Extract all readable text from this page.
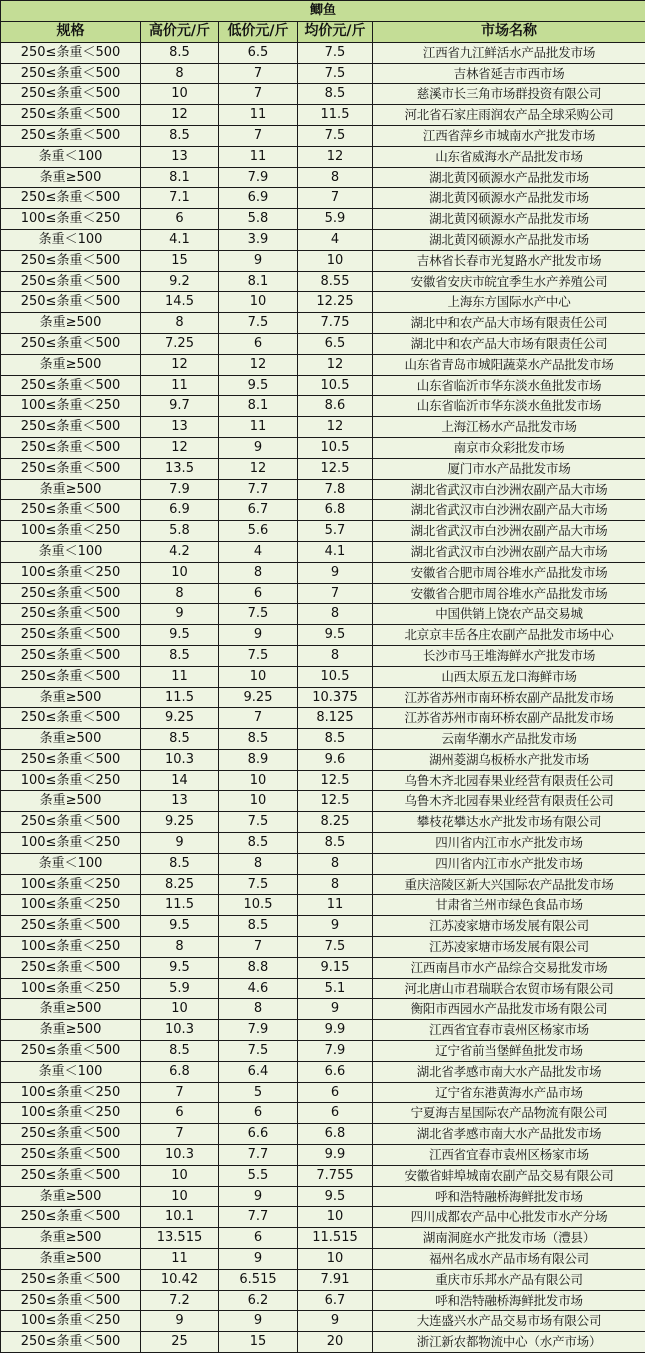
鲫鱼				
规格	高价元/斤	低价元/斤	均价元/斤	市场名称
250≤条重＜500	8.5	6.5	7.5	江西省九江鲜活水产品批发市场
250≤条重＜500	8	7	7.5	吉林省延吉市西市场
250≤条重＜500	10	7	8.5	慈溪市长三角市场群投资有限公司
250≤条重＜500	12	11	11.5	河北省石家庄雨润农产品全球采购公司
250≤条重＜500	8.5	7	7.5	江西省萍乡市城南水产批发市场
条重＜100	13	11	12	山东省威海水产品批发市场
条重≥500	8.1	7.9	8	湖北黄冈硕源水产品批发市场
250≤条重＜500	7.1	6.9	7	湖北黄冈硕源水产品批发市场
100≤条重＜250	6	5.8	5.9	湖北黄冈硕源水产品批发市场
条重＜100	4.1	3.9	4	湖北黄冈硕源水产品批发市场
250≤条重＜500	15	9	10	吉林省长春市光复路水产批发市场
250≤条重＜500	9.2	8.1	8.55	安徽省安庆市皖宜季生水产养殖公司
250≤条重＜500	14.5	10	12.25	上海东方国际水产中心
条重≥500	8	7.5	7.75	湖北中和农产品大市场有限责任公司
250≤条重＜500	7.25	6	6.5	湖北中和农产品大市场有限责任公司
条重≥500	12	12	12	山东省青岛市城阳蔬菜水产品批发市场
250≤条重＜500	11	9.5	10.5	山东省临沂市华东淡水鱼批发市场
100≤条重＜250	9.7	8.1	8.6	山东省临沂市华东淡水鱼批发市场
250≤条重＜500	13	11	12	上海江杨水产品批发市场
250≤条重＜500	12	9	10.5	南京市众彩批发市场
250≤条重＜500	13.5	12	12.5	厦门市水产品批发市场
条重≥500	7.9	7.7	7.8	湖北省武汉市白沙洲农副产品大市场
250≤条重＜500	6.9	6.7	6.8	湖北省武汉市白沙洲农副产品大市场
100≤条重＜250	5.8	5.6	5.7	湖北省武汉市白沙洲农副产品大市场
条重＜100	4.2	4	4.1	湖北省武汉市白沙洲农副产品大市场
100≤条重＜250	10	8	9	安徽省合肥市周谷堆水产品批发市场
250≤条重＜500	8	6	7	安徽省合肥市周谷堆水产品批发市场
250≤条重＜500	9	7.5	8	中国供销上饶农产品交易城
250≤条重＜500	9.5	9	9.5	北京京丰岳各庄农副产品批发市场中心
250≤条重＜500	8.5	7.5	8	长沙市马王堆海鲜水产批发市场
250≤条重＜500	11	10	10.5	山西太原五龙口海鲜市场
条重≥500	11.5	9.25	10.375	江苏省苏州市南环桥农副产品批发市场
250≤条重＜500	9.25	7	8.125	江苏省苏州市南环桥农副产品批发市场
条重≥500	8.5	8.5	8.5	云南华潮水产品批发市场
250≤条重＜500	10.3	8.9	9.6	湖州菱湖乌板桥水产批发市场
100≤条重＜250	14	10	12.5	乌鲁木齐北园春果业经营有限责任公司
条重≥500	13	10	12.5	乌鲁木齐北园春果业经营有限责任公司
250≤条重＜500	9.25	7.5	8.25	攀枝花攀达水产批发市场有限公司
100≤条重＜250	9	8.5	8.5	四川省内江市水产批发市场
条重＜100	8.5	8	8	四川省内江市水产批发市场
100≤条重＜250	8.25	7.5	8	重庆涪陵区新大兴国际农产品批发市场
100≤条重＜250	11.5	10.5	11	甘肃省兰州市绿色食品市场
250≤条重＜500	9.5	8.5	9	江苏凌家塘市场发展有限公司
100≤条重＜250	8	7	7.5	江苏凌家塘市场发展有限公司
250≤条重＜500	9.5	8.8	9.15	江西南昌市水产品综合交易批发市场
100≤条重＜250	5.9	4.6	5.1	河北唐山市君瑞联合农贸市场有限公司
条重≥500	10	8	9	衡阳市西园水产品批发市场有限公司
条重≥500	10.3	7.9	9.9	江西省宜春市袁州区杨家市场
250≤条重＜500	8.5	7.5	7.9	辽宁省前当堡鲜鱼批发市场
条重＜100	6.8	6.4	6.6	湖北省孝感市南大水产品批发市场
100≤条重＜250	7	5	6	辽宁省东港黄海水产品市场
100≤条重＜250	6	6	6	宁夏海吉星国际农产品物流有限公司
250≤条重＜500	7	6.6	6.8	湖北省孝感市南大水产品批发市场
250≤条重＜500	10.3	7.7	9.9	江西省宜春市袁州区杨家市场
250≤条重＜500	10	5.5	7.755	安徽省蚌埠城南农副产品交易有限公司
条重≥500	10	9	9.5	呼和浩特融桥海鲜批发市场
250≤条重＜500	10.1	7.7	10	四川成都农产品中心批发市水产分场
条重≥500	13.515	6	11.515	湖南洞庭水产批发市场（澧县）
条重≥500	11	9	10	福州名成水产品市场有限公司
250≤条重＜500	10.42	6.515	7.91	重庆市乐邦水产品有限公司
250≤条重＜500	7.2	6.2	6.7	呼和浩特融桥海鲜批发市场
100≤条重＜250	9	9	9	大连盛兴水产品交易市场有限公司
250≤条重＜500	25	15	20	浙江新农都物流中心（水产市场）
